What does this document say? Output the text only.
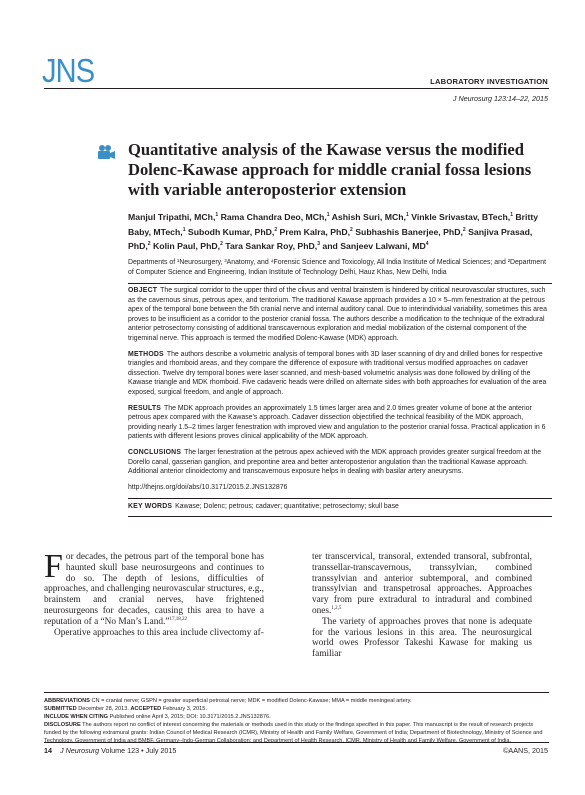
JNS	LABORATORY INVESTIGATION
J Neurosurg 123:14–22, 2015
Quantitative analysis of the Kawase versus the modified Dolenc-Kawase approach for middle cranial fossa lesions with variable anteroposterior extension
Manjul Tripathi, MCh,$^1$ Rama Chandra Deo, MCh,$^1$ Ashish Suri, MCh,$^1$ Vinkle Srivastav, BTech,$^1$ Britty Baby, MTech,$^1$ Subodh Kumar, PhD,$^2$ Prem Kalra, PhD,$^2$ Subhashis Banerjee, PhD,$^2$ Sanjiva Prasad, PhD,$^2$ Kolin Paul, PhD,$^2$ Tara Sankar Roy, PhD,$^3$ and Sanjeev Lalwani, $MD^4$
Departments of ¹Neurosurgery, ³Anatomy, and ⁴Forensic Science and Toxicology, All India Institute of Medical Sciences; and ²Department of Computer Science and Engineering, Indian Institute of Technology Delhi, Hauz Khas, New Delhi, India

OBJECT The surgical corridor to the upper third of the clivus and ventral brainstem is hindered by critical neurovascular structures, such as the cavernous sinus, petrous apex, and tentorium. The traditional Kawase approach provides a 10 × 5–mm fenestration at the petrous apex of the temporal bone between the 5th cranial nerve and internal auditory canal. Due to interindividual variability, sometimes this area proves to be insufficient as a corridor to the posterior cranial fossa. The authors describe a modification to the technique of the extradural anterior petrosectomy consisting of additional transcavernous exploration and medial mobilization of the cisternal component of the trigeminal nerve. This approach is termed the modified Dolenc-Kawase (MDK) approach.

METHODS The authors describe a volumetric analysis of temporal bones with 3D laser scanning of dry and drilled bones for respective triangles and rhomboid areas, and they compare the difference of exposure with traditional versus modified approaches on cadaver dissection. Twelve dry temporal bones were laser scanned, and mesh-based volumetric analysis was done followed by drilling of the Kawase triangle and MDK rhomboid. Five cadaveric heads were drilled on alternate sides with both approaches for evaluation of the area exposed, surgical freedom, and angle of approach.

RESULTS The MDK approach provides an approximately 1.5 times larger area and 2.0 times greater volume of bone at the anterior petrous apex compared with the Kawase’s approach. Cadaver dissection objectified the technical feasibility of the MDK approach, providing nearly 1.5–2 times larger fenestration with improved view and angulation to the posterior cranial fossa. Practical application in 6 patients with different lesions proves clinical applicability of the MDK approach.

CONCLUSIONS The larger fenestration at the petrous apex achieved with the MDK approach provides greater surgical freedom at the Dorello canal, gasserian ganglion, and prepontine area and better anteroposterior angulation than the traditional Kawase approach. Additional anterior clinoidectomy and transcavernous exposure helps in dealing with basilar artery aneurysms.

http://thejns.org/doi/abs/10.3171/2015.2.JNS132876

KEY WORDS Kawase; Dolenc; petrous; cadaver; quantitative; petrosectomy; skull base

For decades, the petrous part of the temporal bone has haunted skull base neurosurgeons and continues to do so. The depth of lesions, difficulties of approaches, and challenging neurovascular structures, e.g., brainstem and cranial nerves, have frightened neurosurgeons for decades, causing this area to have a reputation of a “No Man’s Land.”$^{17,18,22}$

Operative approaches to this area include clivectomy af-

ter transcervical, transoral, extended transoral, subfrontal, transsellar-transcavernous, transsylvian, combined transsylvian and anterior subtemporal, and combined transsylvian and transpetrosal approaches. Approaches vary from pure extradural to intradural and combined ones.$^{1,2,5}$

The variety of approaches proves that none is adequate for the various lesions in this area. The neurosurgical world owes Professor Takeshi Kawase for making us familiar

ABBREVIATIONS CN = cranial nerve; GSPN = greater superficial petrosal nerve; MDK = modified Dolenc-Kawase; MMA = middle meningeal artery.

SUBMITTED December 28, 2013. ACCEPTED February 3, 2015.

INCLUDE WHEN CITING Published online April 3, 2015; DOI: 10.3171/2015.2.JNS132876.

DISCLOSURE The authors report no conflict of interest concerning the materials or methods used in this study or the findings specified in this paper. This manuscript is the result of research projects funded by the following extramural grants: Indian Council of Medical Research (ICMR), Ministry of Health and Family Welfare, Government of India; Department of Biotechnology, Ministry of Science and Technology, Government of India and BMBF, Germany–Indo-German Collaboration; and Department of Health Research, ICMR, Ministry of Health and Family Welfare, Government of India.

14 J Neurosurg Volume 123 • July 2015	©AANS, 2015
